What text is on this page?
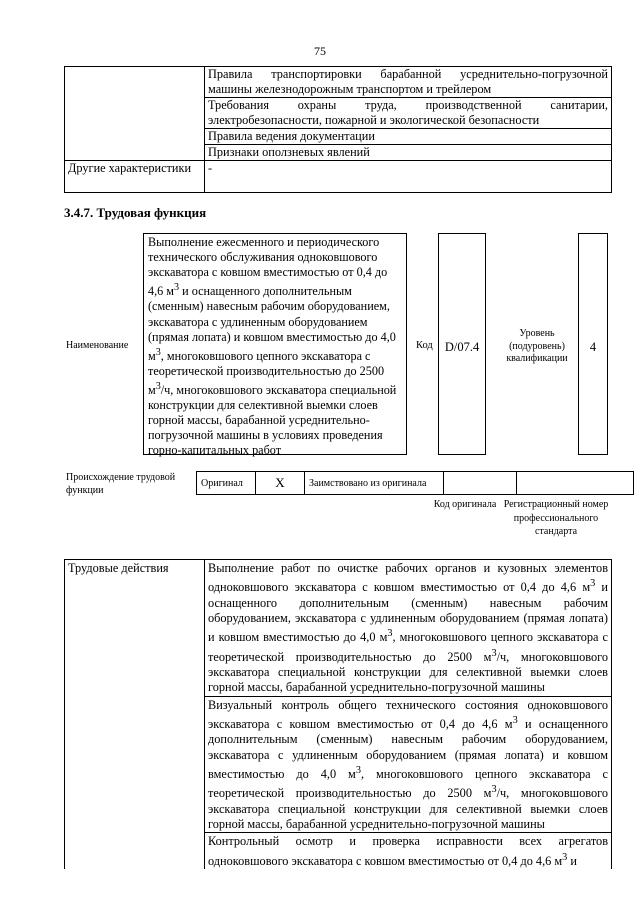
75
	Правила транспортировки барабанной усреднительно-погрузочной машины железнодорожным транспортом и трейлером
	Требования охраны труда, производственной санитарии, электробезопасности, пожарной и экологической безопасности
	Правила ведения документации
	Признаки оползневых явлений
Другие характеристики	-
3.4.7. Трудовая функция
Наименование
Выполнение ежесменного и периодического технического обслуживания одноковшового экскаватора с ковшом вместимостью от 0,4 до 4,6 $м^3$ и оснащенного дополнительным (сменным) навесным рабочим оборудованием, экскаватора с удлиненным оборудованием (прямая лопата) и ковшом вместимостью до 4,0 $м^3$, многоковшового цепного экскаватора с теоретической производительностью до 2500 $м^3/ч$, многоковшового экскаватора специальной конструкции для селективной выемки слоев горной массы, барабанной усреднительно-погрузочной машины в условиях проведения горно-капитальных работ
Код D/07.4
Уровень (подуровень) квалификации
4
Происхождение трудовой функции
Оригинал	X	Заимствовано из оригинала		
Код оригинала Регистрационный номер профессионального стандарта
Трудовые действия	Выполнение работ по очистке рабочих органов и кузовных элементов одноковшового экскаватора с ковшом вместимостью от 0,4 до 4,6 $м^3$ и оснащенного дополнительным (сменным) навесным рабочим оборудованием, экскаватора с удлиненным оборудованием (прямая лопата) и ковшом вместимостью до 4,0 $м^3$, многоковшового цепного экскаватора с теоретической производительностью до 2500 $м^3/ч$, многоковшового экскаватора специальной конструкции для селективной выемки слоев горной массы, барабанной усреднительно-погрузочной машины
	Визуальный контроль общего технического состояния одноковшового экскаватора с ковшом вместимостью от 0,4 до 4,6 $м^3$ и оснащенного дополнительным (сменным) навесным рабочим оборудованием, экскаватора с удлиненным оборудованием (прямая лопата) и ковшом вместимостью до 4,0 $м^3$, многоковшового цепного экскаватора с теоретической производительностью до 2500 $м^3/ч$, многоковшового экскаватора специальной конструкции для селективной выемки слоев горной массы, барабанной усреднительно-погрузочной машины
	Контрольный осмотр и проверка исправности всех агрегатов одноковшового экскаватора с ковшом вместимостью от 0,4 до 4,6 $м^3$ и
